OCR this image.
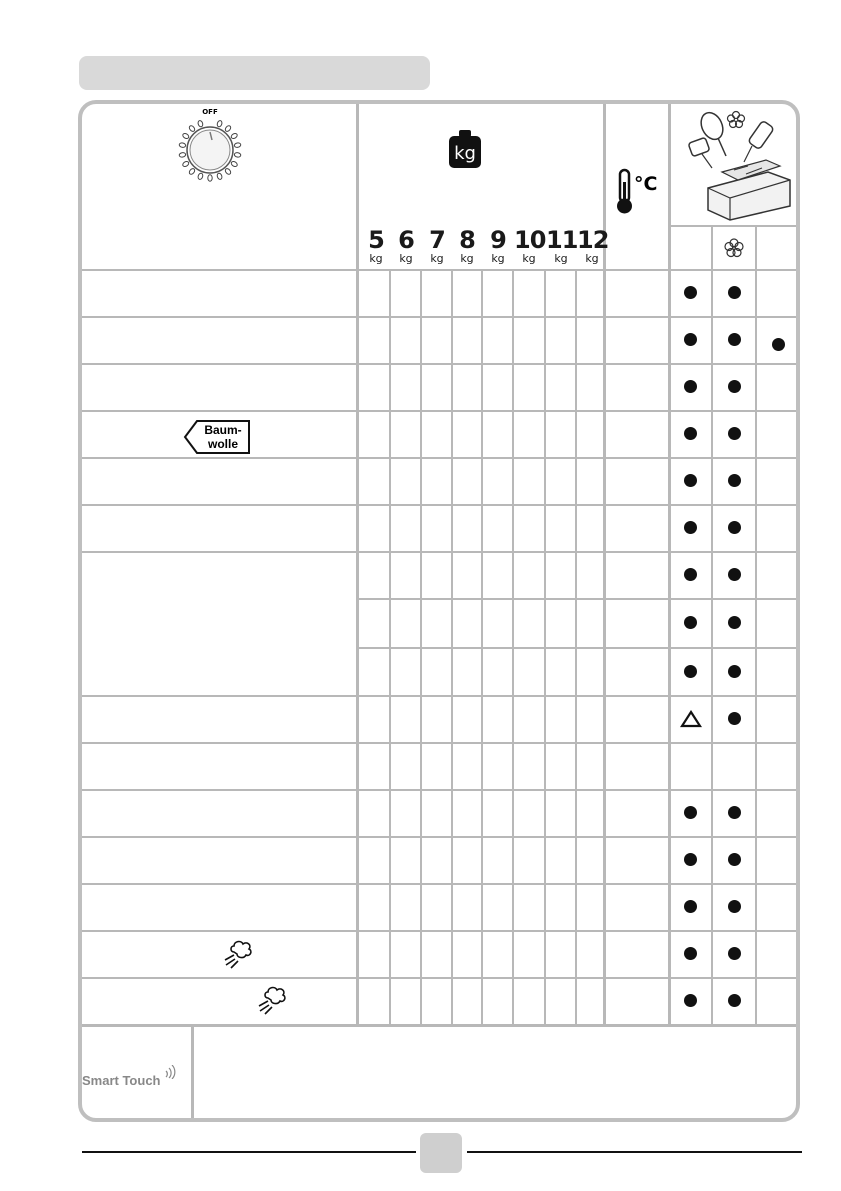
OFF
kg
5
kg
6
kg
7
kg
8
kg
9
kg
10
kg
11
kg
12
kg
°C
Baum-
wolle
Smart Touch
